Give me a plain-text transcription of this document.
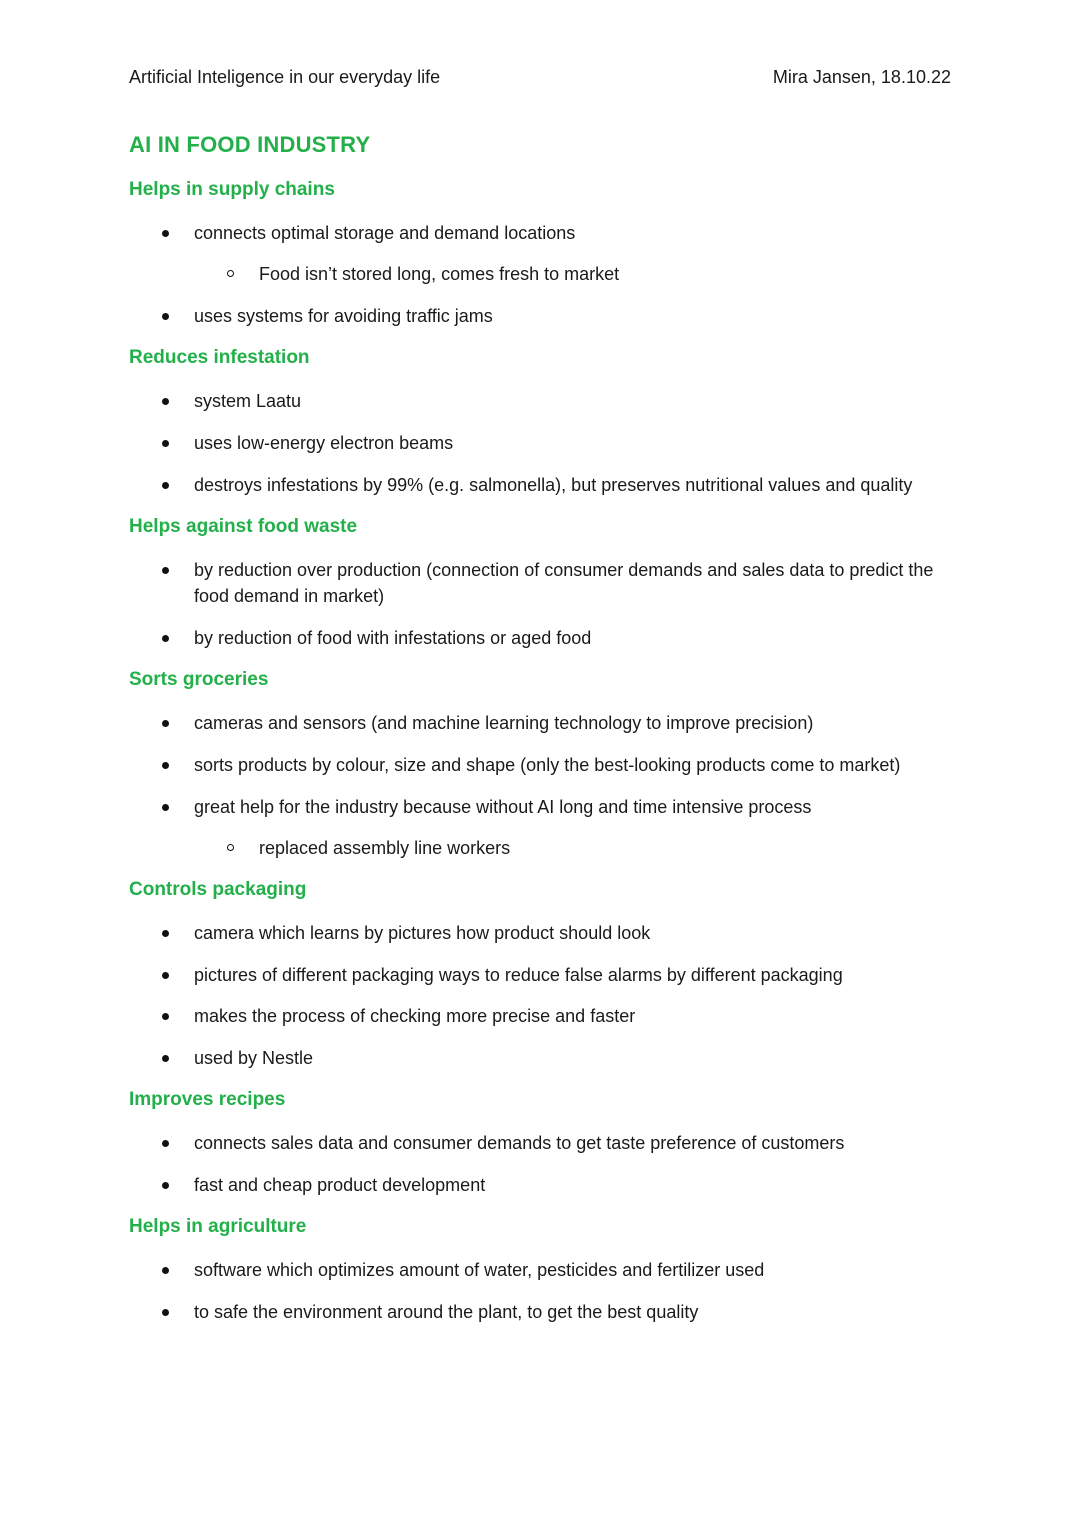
Artificial Inteligence in our everyday life	Mira Jansen, 18.10.22
AI IN FOOD INDUSTRY
Helps in supply chains
connects optimal storage and demand locations
Food isn’t stored long, comes fresh to market
uses systems for avoiding traffic jams
Reduces infestation
system Laatu
uses low-energy electron beams
destroys infestations by 99% (e.g. salmonella), but preserves nutritional values and quality
Helps against food waste
by reduction over production (connection of consumer demands and sales data to predict the food demand in market)
by reduction of food with infestations or aged food
Sorts groceries
cameras and sensors (and machine learning technology to improve precision)
sorts products by colour, size and shape (only the best-looking products come to market)
great help for the industry because without AI long and time intensive process
replaced assembly line workers
Controls packaging
camera which learns by pictures how product should look
pictures of different packaging ways to reduce false alarms by different packaging
makes the process of checking more precise and faster
used by Nestle
Improves recipes
connects sales data and consumer demands to get taste preference of customers
fast and cheap product development
Helps in agriculture
software which optimizes amount of water, pesticides and fertilizer used
to safe the environment around the plant, to get the best quality
